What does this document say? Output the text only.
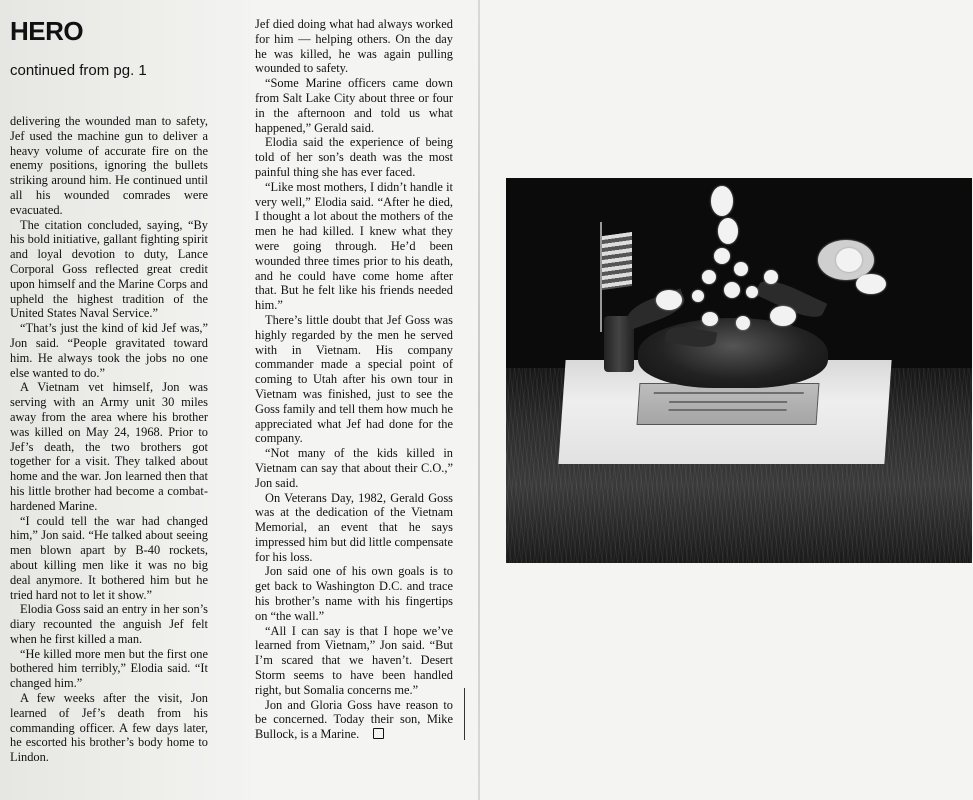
HERO
continued from pg. 1

delivering the wounded man to safety, Jef used the machine gun to deliver a heavy volume of accurate fire on the enemy positions, ignoring the bullets striking around him. He continued until all his wounded comrades were evacuated.

The citation concluded, saying, “By his bold initiative, gallant fighting spirit and loyal devotion to duty, Lance Corporal Goss reflected great credit upon himself and the Marine Corps and upheld the highest tradition of the United States Naval Service.”

“That’s just the kind of kid Jef was,” Jon said. “People gravitated toward him. He always took the jobs no one else wanted to do.”

A Vietnam vet himself, Jon was serving with an Army unit 30 miles away from the area where his brother was killed on May 24, 1968. Prior to Jef’s death, the two brothers got together for a visit. They talked about home and the war. Jon learned then that his little brother had become a combat-hardened Marine.

“I could tell the war had changed him,” Jon said. “He talked about seeing men blown apart by B-40 rockets, about killing men like it was no big deal anymore. It bothered him but he tried hard not to let it show.”

Elodia Goss said an entry in her son’s diary recounted the anguish Jef felt when he first killed a man.

“He killed more men but the first one bothered him terribly,” Elodia said. “It changed him.”

A few weeks after the visit, Jon learned of Jef’s death from his commanding officer. A few days later, he escorted his brother’s body home to Lindon.

Jef died doing what had always worked for him — helping others. On the day he was killed, he was again pulling wounded to safety.

“Some Marine officers came down from Salt Lake City about three or four in the afternoon and told us what happened,” Gerald said.

Elodia said the experience of being told of her son’s death was the most painful thing she has ever faced.

“Like most mothers, I didn’t handle it very well,” Elodia said. “After he died, I thought a lot about the mothers of the men he had killed. I knew what they were going through. He’d been wounded three times prior to his death, and he could have come home after that. But he felt like his friends needed him.”

There’s little doubt that Jef Goss was highly regarded by the men he served with in Vietnam. His company commander made a special point of coming to Utah after his own tour in Vietnam was finished, just to see the Goss family and tell them how much he appreciated what Jef had done for the company.

“Not many of the kids killed in Vietnam can say that about their C.O.,” Jon said.

On Veterans Day, 1982, Gerald Goss was at the dedication of the Vietnam Memorial, an event that he says impressed him but did little compensate for his loss.

Jon said one of his own goals is to get back to Washington D.C. and trace his brother’s name with his fingertips on “the wall.”

“All I can say is that I hope we’ve learned from Vietnam,” Jon said. “But I’m scared that we haven’t. Desert Storm seems to have been handled right, but Somalia concerns me.”

Jon and Gloria Goss have reason to be concerned. Today their son, Mike Bullock, is a Marine.
